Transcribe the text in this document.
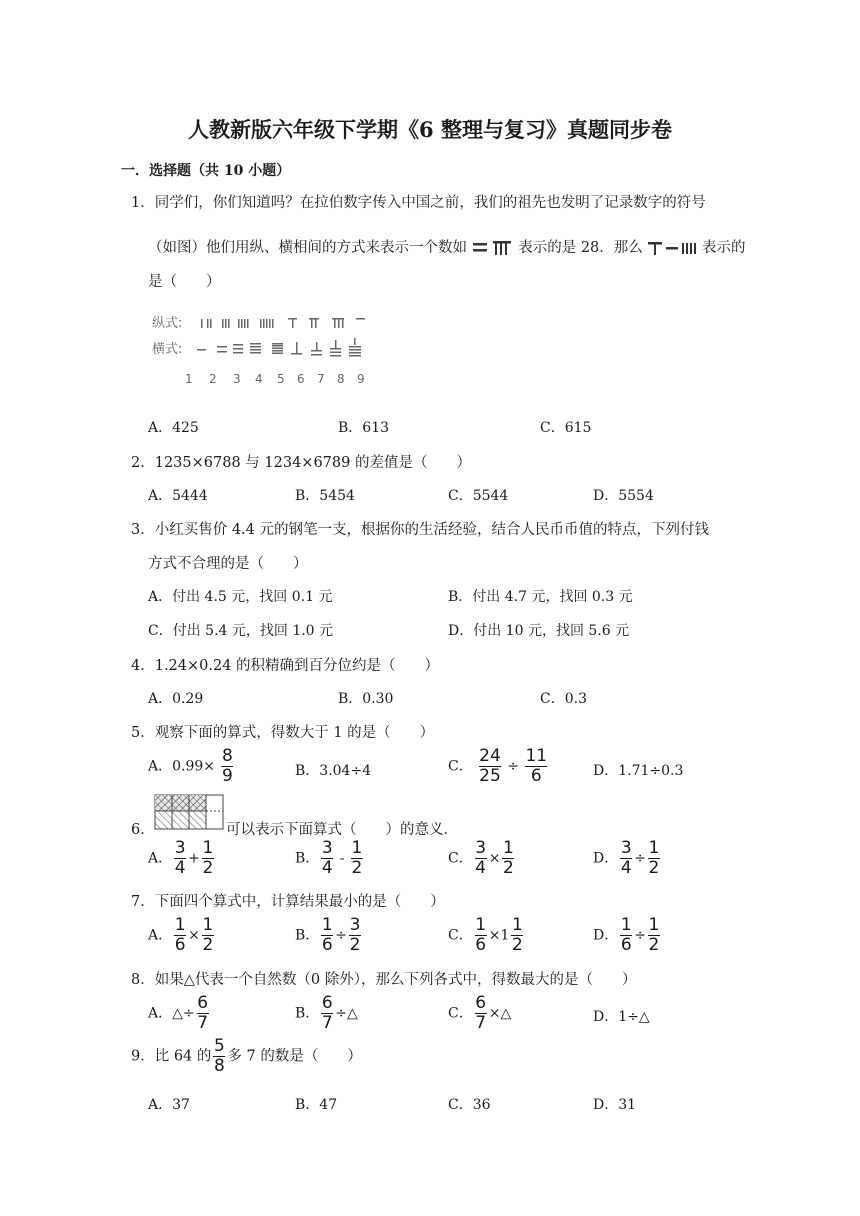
人教新版六年级下学期《6 整理与复习》真题同步卷
一．选择题（共 10 小题）
1．同学们，你们知道吗？在拉伯数字传入中国之前，我们的祖先也发明了记录数字的符号
（如图）他们用纵、横相间的方式来表示一个数如	表示的是 28．那么	表示的
是（　　）
纵式:
横式:
1 2 3 4 5 6 7 8 9
A．425	B．613	C．615
2．1235×6788 与 1234×6789 的差值是（　　）
A．5444	B．5454	C．5544	D．5554
3．小红买售价 4.4 元的钢笔一支，根据你的生活经验，结合人民币币值的特点，下列付钱
方式不合理的是（　　）
A．付出 4.5 元，找回 0.1 元	B．付出 4.7 元，找回 0.3 元
C．付出 5.4 元，找回 1.0 元	D．付出 10 元，找回 5.6 元
4．1.24×0.24 的积精确到百分位约是（　　）
A．0.29	B．0.30	C．0.3
5．观察下面的算式，得数大于 1 的是（　　）
A．$0.99\times \frac{8}{9}$	B．3.04÷4	C． $\frac{24}{25} \div \frac{11}{6}$	D．1.71÷0.3
6．	可以表示下面算式（　　）的意义．
A． $\frac{3}{4} + \frac{1}{2}$	B． $\frac{3}{4} - \frac{1}{2}$	C． $\frac{3}{4} \times \frac{1}{2}$	D． $\frac{3}{4} \div \frac{1}{2}$
7．下面四个算式中，计算结果最小的是（　　）
A． $\frac{1}{6} \times \frac{1}{2}$	B． $\frac{1}{6} \div \frac{3}{2}$	C． $\frac{1}{6} \times 1 \frac{1}{2}$	D． $\frac{1}{6} \div \frac{1}{2}$
8．如果△代表一个自然数（0 除外），那么下列各式中，得数最大的是（　　）
A．△÷ $\frac{6}{7}$	B． $\frac{6}{7}$ ÷△	C． $\frac{6}{7}$ ×△	D．1÷△
9．比 64 的 $\frac{5}{8}$ 多 7 的数是（　　）
A．37	B．47	C．36	D．31
